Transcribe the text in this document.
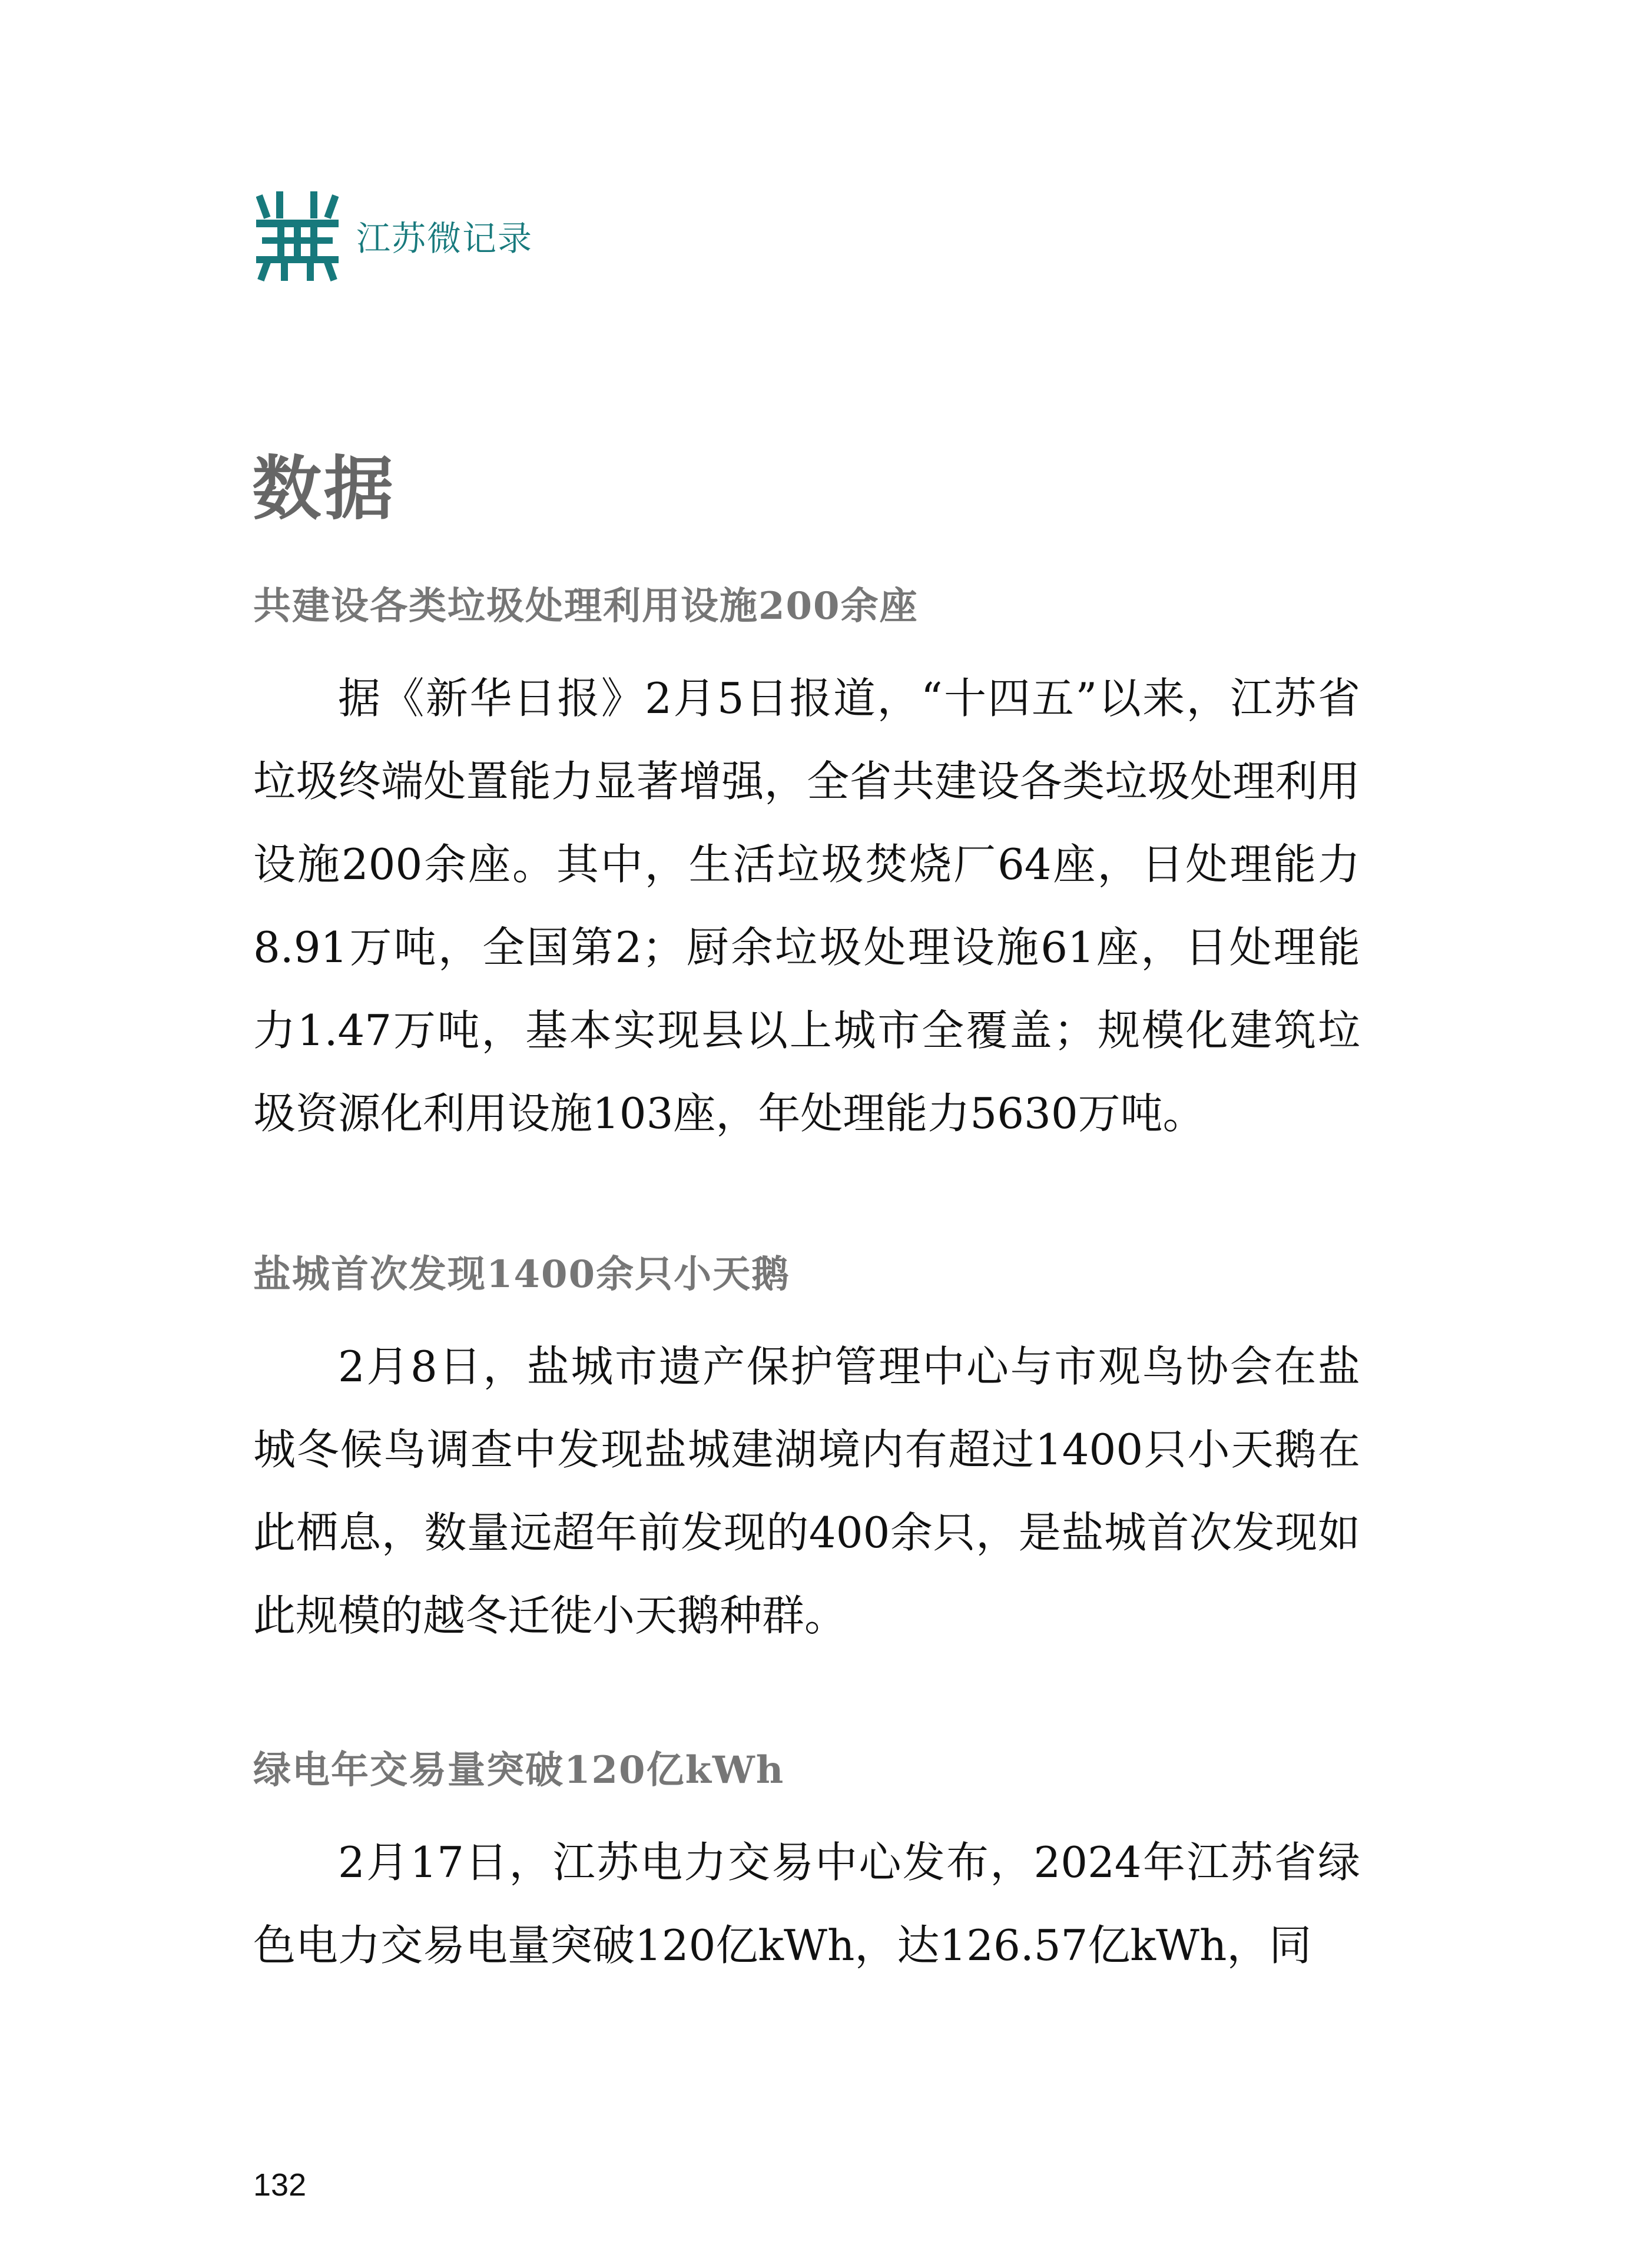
江苏微记录
数据
共建设各类垃圾处理利用设施200余座

据《新华日报》2月5日报道，“十四五”以来，江苏省垃圾终端处置能力显著增强，全省共建设各类垃圾处理利用设施200余座。其中，生活垃圾焚烧厂64座，日处理能力8.91万吨，全国第2；厨余垃圾处理设施61座，日处理能力1.47万吨，基本实现县以上城市全覆盖；规模化建筑垃圾资源化利用设施103座，年处理能力5630万吨。

盐城首次发现1400余只小天鹅

2月8日，盐城市遗产保护管理中心与市观鸟协会在盐城冬候鸟调查中发现盐城建湖境内有超过1400只小天鹅在此栖息，数量远超年前发现的400余只，是盐城首次发现如此规模的越冬迁徙小天鹅种群。

绿电年交易量突破120亿kWh

2月17日，江苏电力交易中心发布，2024年江苏省绿色电力交易电量突破120亿kWh，达126.57亿kWh，同

132
